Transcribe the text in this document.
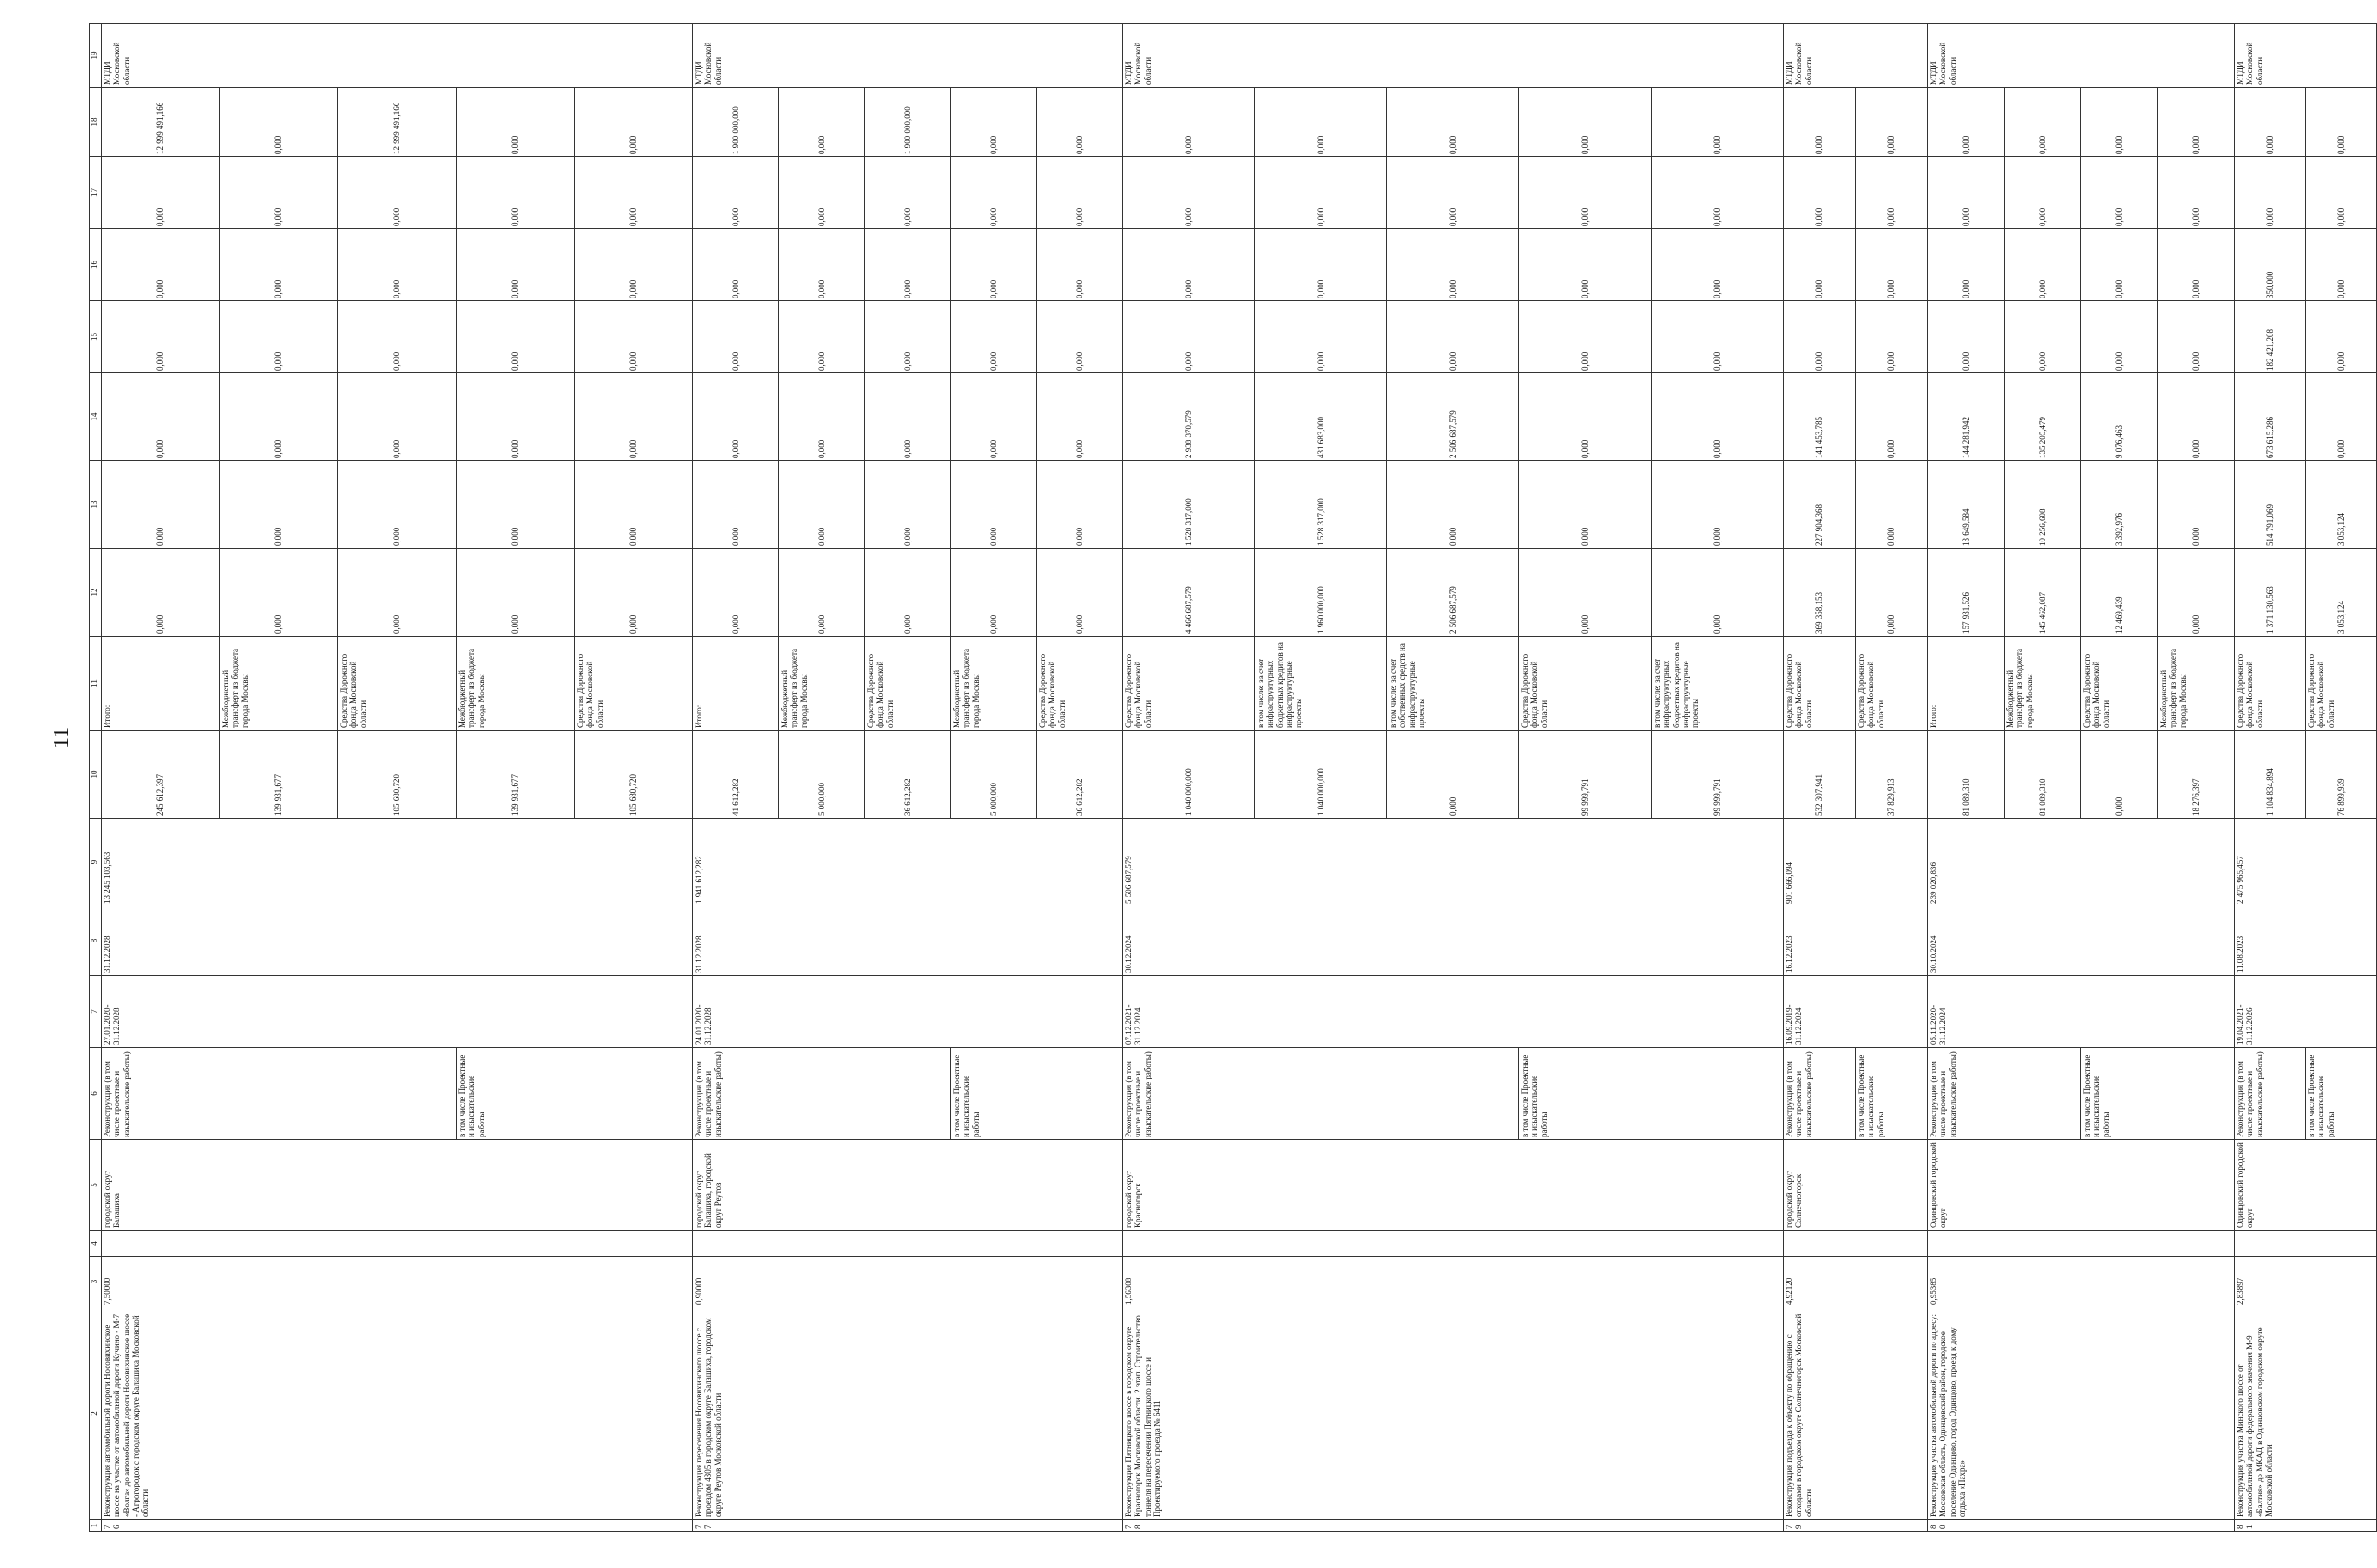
11
1	2	3	4	5	6	7	8	9	10	11	12	13	14	15	16	17	18	19
76	Реконструкция автомобильной дороги Носовихинское шоссе на участке от автомобильной дороги Кучино - М-7 «Волга» до автомобильной дороги Носовихинское шоссе - Агрогородок с городском округе Балашиха Московской области	7,50000		городской округ Балашиха	Реконструкция (в том числе проектные и изыскательские работы)	27.01.2020-31.12.2028	31.12.2028	13 245 103,563	245 612,397	Итого:	0,000	0,000	0,000	0,000	0,000	0,000	12 999 491,166	МТДИ Московской области
									139 931,677	Межбюджетный трансферт из бюджета города Москвы	0,000	0,000	0,000	0,000	0,000	0,000	0,000	
									105 680,720	Средства Дорожного фонда Московской области	0,000	0,000	0,000	0,000	0,000	0,000	12 999 491,166	
					в том числе Проектные и изыскательские работы				139 931,677	Межбюджетный трансферт из бюджета города Москвы	0,000	0,000	0,000	0,000	0,000	0,000	0,000	
									105 680,720	Средства Дорожного фонда Московской области	0,000	0,000	0,000	0,000	0,000	0,000	0,000	
77	Реконструкция пересечения Носовихинского шоссе с проездом 4305 в городском округе Балашиха, городском округе Реутов Московской области	0,90000		городской округ Балашиха, городской округ Реутов	Реконструкция (в том числе проектные и изыскательские работы)	24.01.2020-31.12.2028	31.12.2028	1 941 612,282	41 612,282	Итого:	0,000	0,000	0,000	0,000	0,000	0,000	1 900 000,000	МТДИ Московской области
									5 000,000	Межбюджетный трансферт из бюджета города Москвы	0,000	0,000	0,000	0,000	0,000	0,000	0,000	
									36 612,282	Средства Дорожного фонда Московской области	0,000	0,000	0,000	0,000	0,000	0,000	1 900 000,000	
					в том числе Проектные и изыскательские работы				5 000,000	Межбюджетный трансферт из бюджета города Москвы	0,000	0,000	0,000	0,000	0,000	0,000	0,000	
									36 612,282	Средства Дорожного фонда Московской области	0,000	0,000	0,000	0,000	0,000	0,000	0,000	
78	Реконструкция Пятницкого шоссе в городском округе Красногорск Московской области. 2 этап. Строительство тоннеля на пересечении Пятницкого шоссе и Проектируемого проезда № 6411	1,56308		городской округ Красногорск	Реконструкция (в том числе проектные и изыскательские работы)	07.12.2021-31.12.2024	30.12.2024	5 506 687,579	1 040 000,000	Средства Дорожного фонда Московской области	4 466 687,579	1 528 317,000	2 938 370,579	0,000	0,000	0,000	0,000	МТДИ Московской области
									1 040 000,000	в том числе: за счет инфраструктурных бюджетных кредитов на инфраструктурные проекты	1 960 000,000	1 528 317,000	431 683,000	0,000	0,000	0,000	0,000	
									0,000	в том числе: за счет собственных средств на инфраструктурные проекты	2 506 687,579	0,000	2 506 687,579	0,000	0,000	0,000	0,000	
					в том числе Проектные и изыскательские работы				99 999,791	Средства Дорожного фонда Московской области	0,000	0,000	0,000	0,000	0,000	0,000	0,000	
									99 999,791	в том числе: за счет инфраструктурных бюджетных кредитов на инфраструктурные проекты	0,000	0,000	0,000	0,000	0,000	0,000	0,000	
79	Реконструкция подъезда к объекту по обращению с отходами в городском округе Солнечногорск Московской области	4,92120		городской округ Солнечногорск	Реконструкция (в том числе проектные и изыскательские работы)	16.09.2019-31.12.2024	16.12.2023	901 666,094	532 307,941	Средства Дорожного фонда Московской области	369 358,153	227 904,368	141 453,785	0,000	0,000	0,000	0,000	МТДИ Московской области
					в том числе Проектные и изыскательские работы				37 829,913	Средства Дорожного фонда Московской области	0,000	0,000	0,000	0,000	0,000	0,000	0,000	
80	Реконструкция участка автомобильной дороги по адресу: Московская область, Одинцовский район, городское поселение Одинцово, город Одинцово, проезд к дому отдыха «Пахра»	0,95385		Одинцовский городской округ	Реконструкция (в том числе проектные и изыскательские работы)	05.11.2020-31.12.2024	30.10.2024	239 020,836	81 089,310	Итого:	157 931,526	13 649,584	144 281,942	0,000	0,000	0,000	0,000	МТДИ Московской области
									81 089,310	Межбюджетный трансферт из бюджета города Москвы	145 462,087	10 256,608	135 205,479	0,000	0,000	0,000	0,000	
					в том числе Проектные и изыскательские работы				0,000	Средства Дорожного фонда Московской области	12 469,439	3 392,976	9 076,463	0,000	0,000	0,000	0,000	
									18 276,397	Межбюджетный трансферт из бюджета города Москвы	0,000	0,000	0,000	0,000	0,000	0,000	0,000	
81	Реконструкция участка Минского шоссе от автомобильной дороги федерального значения М-9 «Балтия» до МКАД в Одинцовском городском округе Московской области	2,83897		Одинцовский городской округ	Реконструкция (в том числе проектные и изыскательские работы)	19.04.2021-31.12.2026	11.08.2023	2 475 965,457	1 104 834,894	Средства Дорожного фонда Московской области	1 371 130,563	514 791,069	673 615,286	182 421,208	350,000	0,000	0,000	МТДИ Московской области
					в том числе Проектные и изыскательские работы				76 899,939	Средства Дорожного фонда Московской области	3 053,124	3 053,124	0,000	0,000	0,000	0,000	0,000	
